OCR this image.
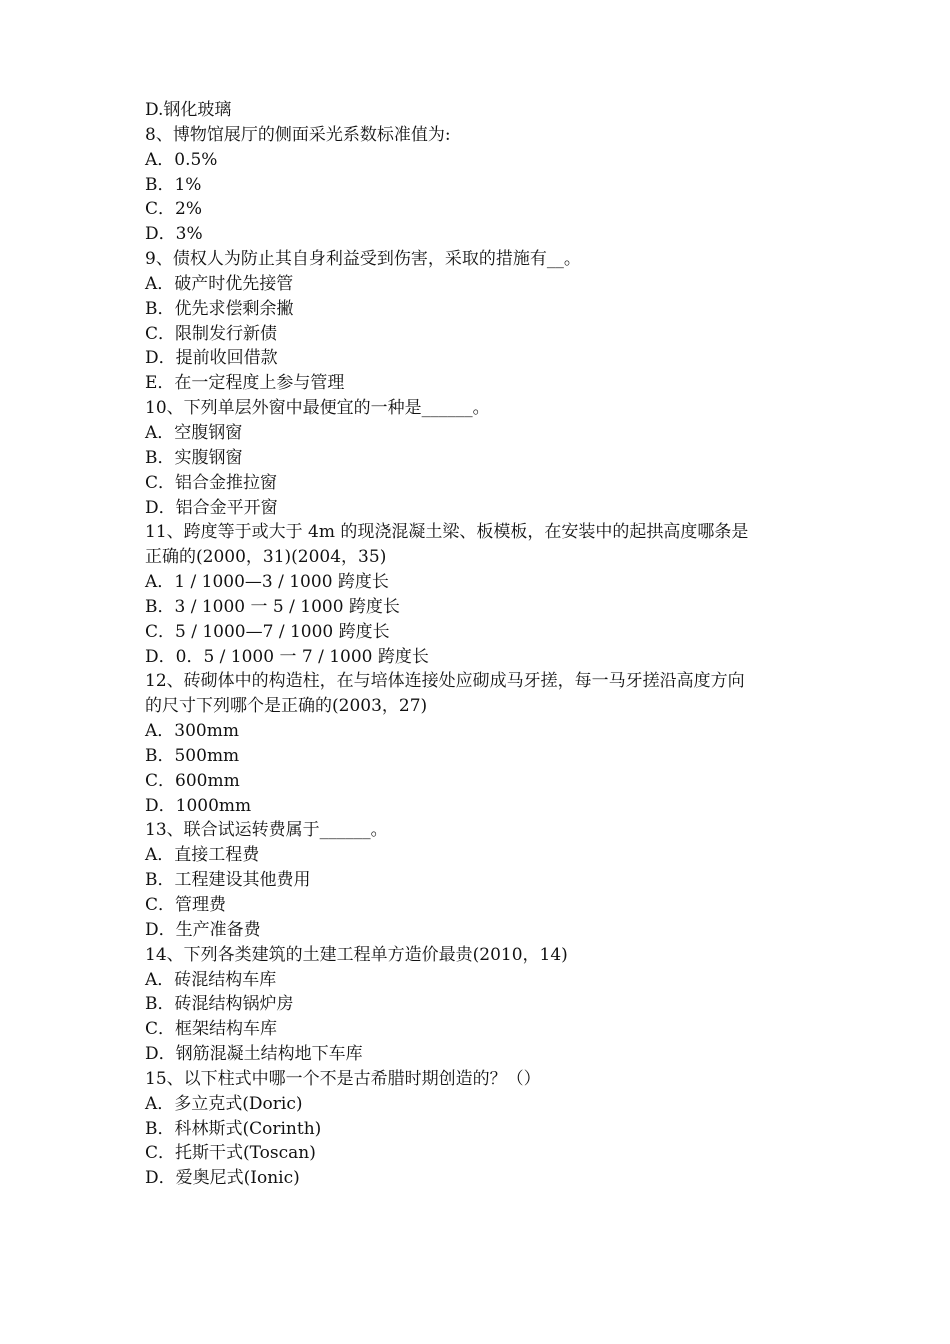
D.钢化玻璃

8、博物馆展厅的侧面采光系数标准值为:

A．0.5%

B．1%

C．2%

D．3%

9、债权人为防止其自身利益受到伤害，采取的措施有__。

A．破产时优先接管

B．优先求偿剩余撇

C．限制发行新债

D．提前收回借款

E．在一定程度上参与管理

10、下列单层外窗中最便宜的一种是______。

A．空腹钢窗

B．实腹钢窗

C．铝合金推拉窗

D．铝合金平开窗

11、跨度等于或大于 4m 的现浇混凝土梁、板模板，在安装中的起拱高度哪条是

正确的(2000，31)(2004，35)

A．1 / 1000—3 / 1000 跨度长

B．3 / 1000 一 5 / 1000 跨度长

C．5 / 1000—7 / 1000 跨度长

D．0．5 / 1000 一 7 / 1000 跨度长

12、砖砌体中的构造柱，在与培体连接处应砌成马牙搓，每一马牙搓沿高度方向

的尺寸下列哪个是正确的(2003，27)

A．300mm

B．500mm

C．600mm

D．1000mm

13、联合试运转费属于______。

A．直接工程费

B．工程建设其他费用

C．管理费

D．生产准备费

14、下列各类建筑的土建工程单方造价最贵(2010，14)

A．砖混结构车库

B．砖混结构锅炉房

C．框架结构车库

D．钢筋混凝土结构地下车库

15、以下柱式中哪一个不是古希腊时期创造的？（）

A．多立克式(Doric)

B．科林斯式(Corinth)

C．托斯干式(Toscan)

D．爱奥尼式(Ionic)
